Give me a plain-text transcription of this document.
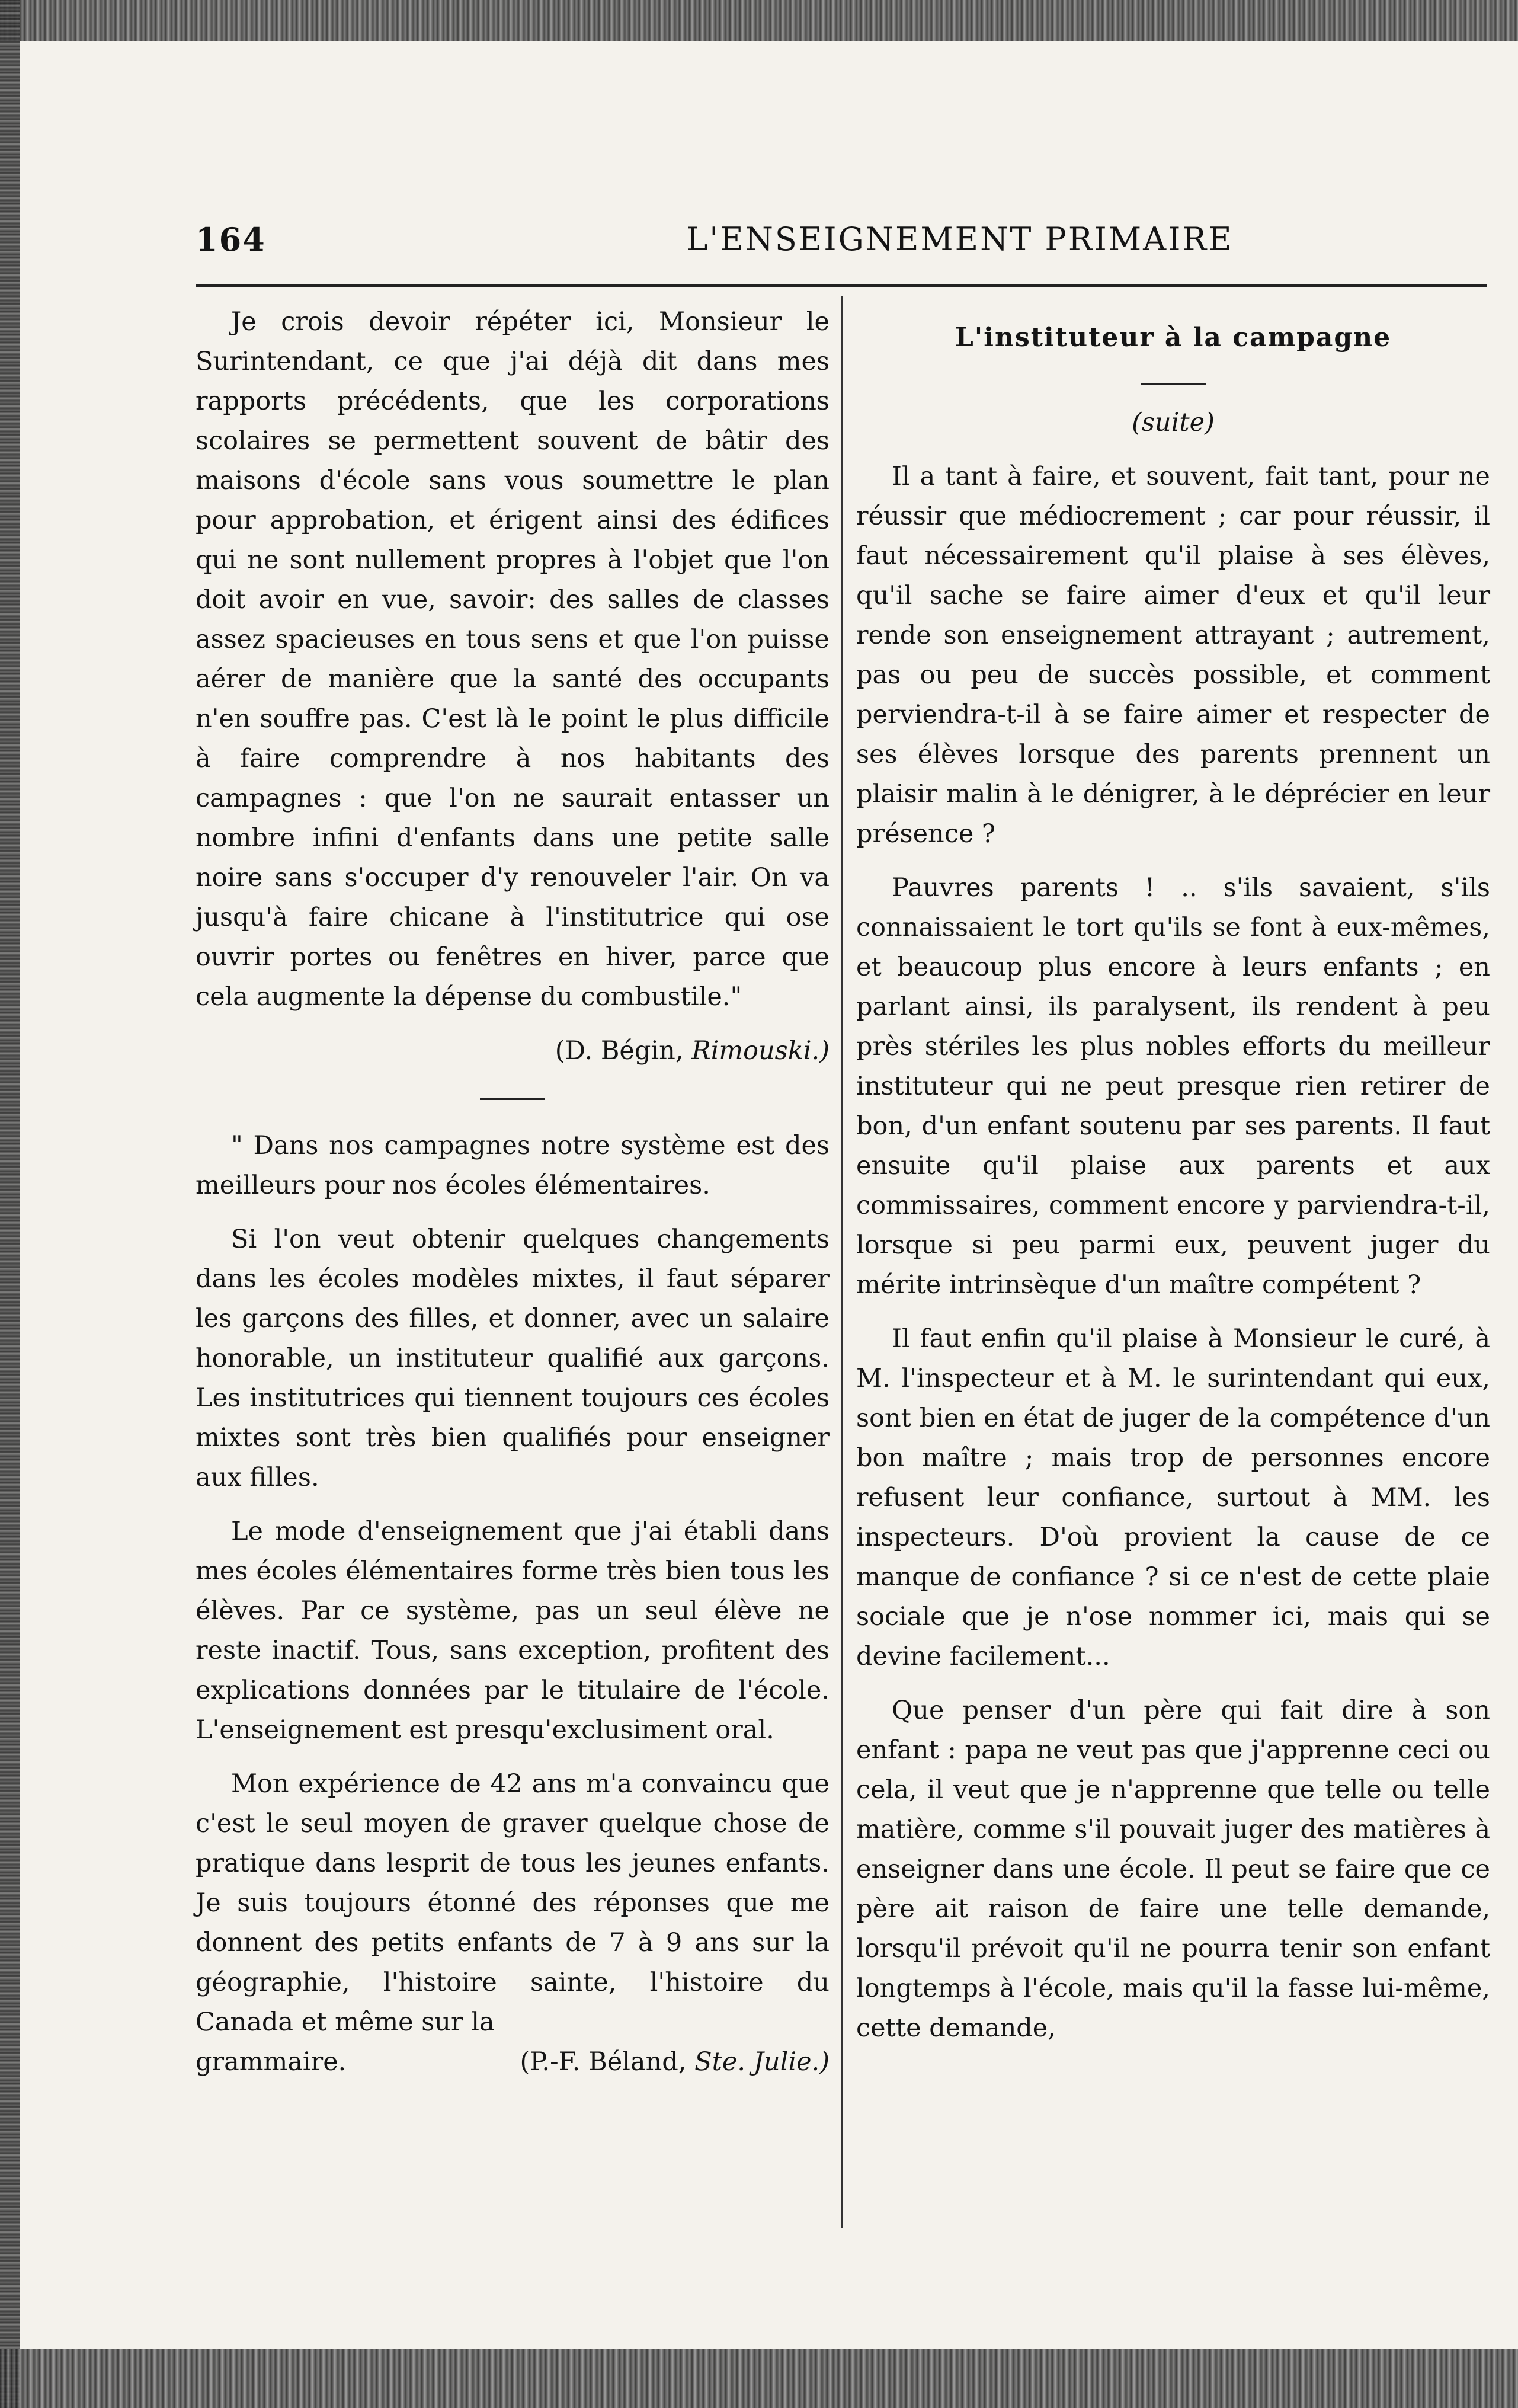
164	L'ENSEIGNEMENT PRIMAIRE

Je crois devoir répéter ici, Monsieur le Surintendant, ce que j'ai déjà dit dans mes rapports précédents, que les corporations scolaires se permettent souvent de bâtir des maisons d'école sans vous soumettre le plan pour approbation, et érigent ainsi des édifices qui ne sont nullement propres à l'objet que l'on doit avoir en vue, savoir: des salles de classes assez spacieuses en tous sens et que l'on puisse aérer de manière que la santé des occupants n'en souffre pas. C'est là le point le plus difficile à faire comprendre à nos habitants des campagnes : que l'on ne saurait entasser un nombre infini d'enfants dans une petite salle noire sans s'occuper d'y renouveler l'air. On va jusqu'à faire chicane à l'institutrice qui ose ouvrir portes ou fenêtres en hiver, parce que cela augmente la dépense du combustile."

(D. Bégin, Rimouski.)

" Dans nos campagnes notre système est des meilleurs pour nos écoles élémentaires.

Si l'on veut obtenir quelques changements dans les écoles modèles mixtes, il faut séparer les garçons des filles, et donner, avec un salaire honorable, un instituteur qualifié aux garçons. Les institutrices qui tiennent toujours ces écoles mixtes sont très bien qualifiés pour enseigner aux filles.

Le mode d'enseignement que j'ai établi dans mes écoles élémentaires forme très bien tous les élèves. Par ce système, pas un seul élève ne reste inactif. Tous, sans exception, profitent des explications données par le titulaire de l'école. L'enseignement est presqu'exclusiment oral.

Mon expérience de 42 ans m'a convaincu que c'est le seul moyen de graver quelque chose de pratique dans lesprit de tous les jeunes enfants. Je suis toujours étonné des réponses que me donnent des petits enfants de 7 à 9 ans sur la géographie, l'histoire sainte, l'histoire du Canada et même sur la

grammaire.	(P.-F. Béland, Ste. Julie.)
L'instituteur à la campagne
(suite)

Il a tant à faire, et souvent, fait tant, pour ne réussir que médiocrement ; car pour réussir, il faut nécessairement qu'il plaise à ses élèves, qu'il sache se faire aimer d'eux et qu'il leur rende son enseignement attrayant ; autrement, pas ou peu de succès possible, et comment perviendra-t-il à se faire aimer et respecter de ses élèves lorsque des parents prennent un plaisir malin à le dénigrer, à le déprécier en leur présence ?

Pauvres parents ! .. s'ils savaient, s'ils connaissaient le tort qu'ils se font à eux-mêmes, et beaucoup plus encore à leurs enfants ; en parlant ainsi, ils paralysent, ils rendent à peu près stériles les plus nobles efforts du meilleur instituteur qui ne peut presque rien retirer de bon, d'un enfant soutenu par ses parents. Il faut ensuite qu'il plaise aux parents et aux commissaires, comment encore y parviendra-t-il, lorsque si peu parmi eux, peuvent juger du mérite intrinsèque d'un maître compétent ?

Il faut enfin qu'il plaise à Monsieur le curé, à M. l'inspecteur et à M. le surintendant qui eux, sont bien en état de juger de la compétence d'un bon maître ; mais trop de personnes encore refusent leur confiance, surtout à MM. les inspecteurs. D'où provient la cause de ce manque de confiance ? si ce n'est de cette plaie sociale que je n'ose nommer ici, mais qui se devine facilement...

Que penser d'un père qui fait dire à son enfant : papa ne veut pas que j'apprenne ceci ou cela, il veut que je n'apprenne que telle ou telle matière, comme s'il pouvait juger des matières à enseigner dans une école. Il peut se faire que ce père ait raison de faire une telle demande, lorsqu'il prévoit qu'il ne pourra tenir son enfant longtemps à l'école, mais qu'il la fasse lui-même, cette demande,
